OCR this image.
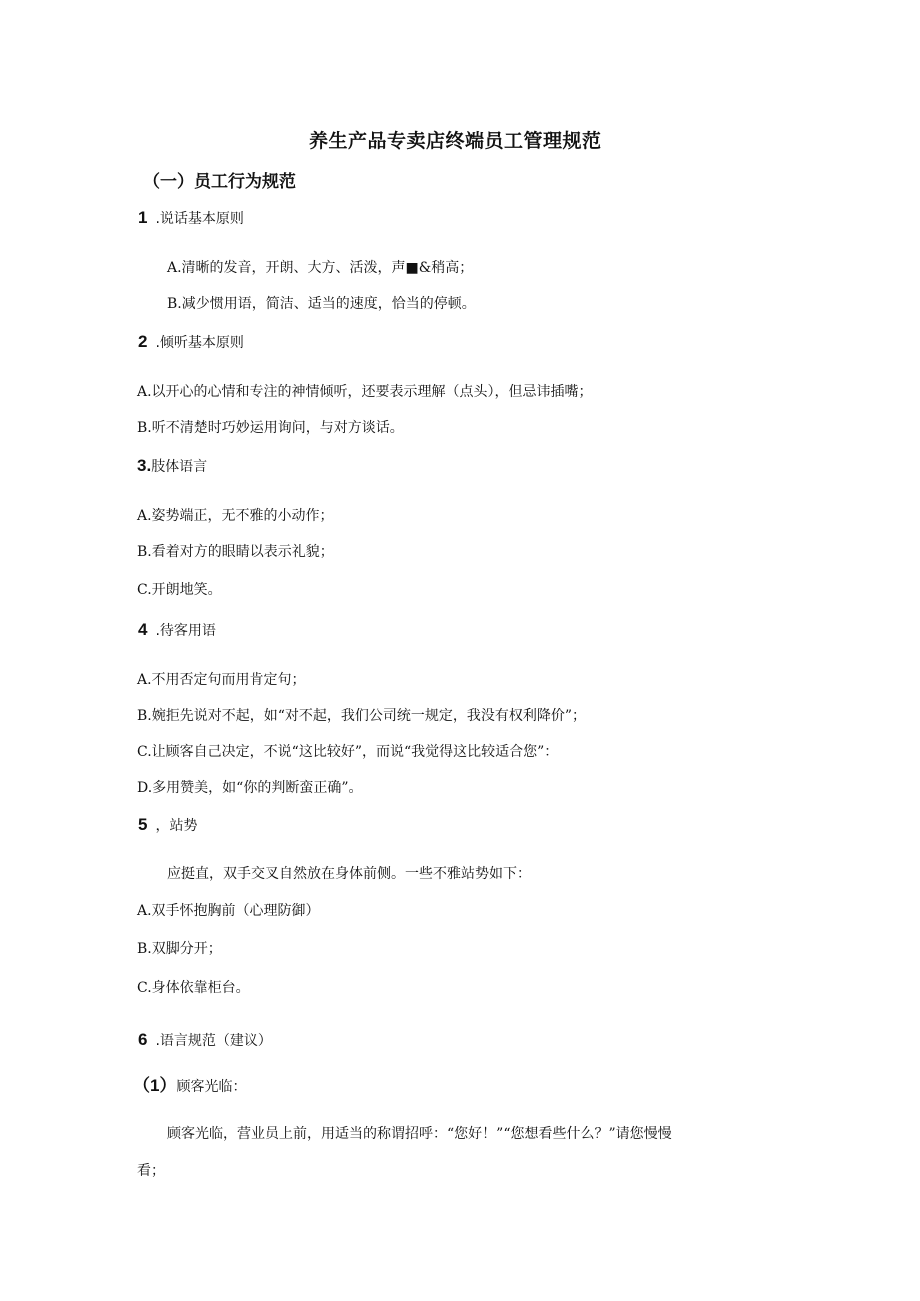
养生产品专卖店终端员工管理规范
（一）员工行为规范
1 .说话基本原则
A.清晰的发音，开朗、大方、活泼，声■&稍高；
B.减少惯用语，简洁、适当的速度，恰当的停顿。
2 .倾听基本原则
A.以开心的心情和专注的神情倾听，还要表示理解（点头），但忌讳插嘴；
B.听不清楚时巧妙运用询问，与对方谈话。
3.肢体语言
A.姿势端正，无不雅的小动作；
B.看着对方的眼睛以表示礼貌；
C.开朗地笑。
4 .待客用语
A.不用否定句而用肯定句；
B.婉拒先说对不起，如“对不起，我们公司统一规定，我没有权利降价”；
C.让顾客自己决定，不说“这比较好”，而说“我觉得这比较适合您”：
D.多用赞美，如“你的判断蛮正确”。
5 ，站势
应挺直，双手交叉自然放在身体前侧。一些不雅站势如下：
A.双手怀抱胸前（心理防御）
B.双脚分开；
C.身体依靠柜台。
6 .语言规范（建议）
（1）顾客光临：
顾客光临，营业员上前，用适当的称谓招呼：“您好！”“您想看些什么？”请您慢慢
看；
